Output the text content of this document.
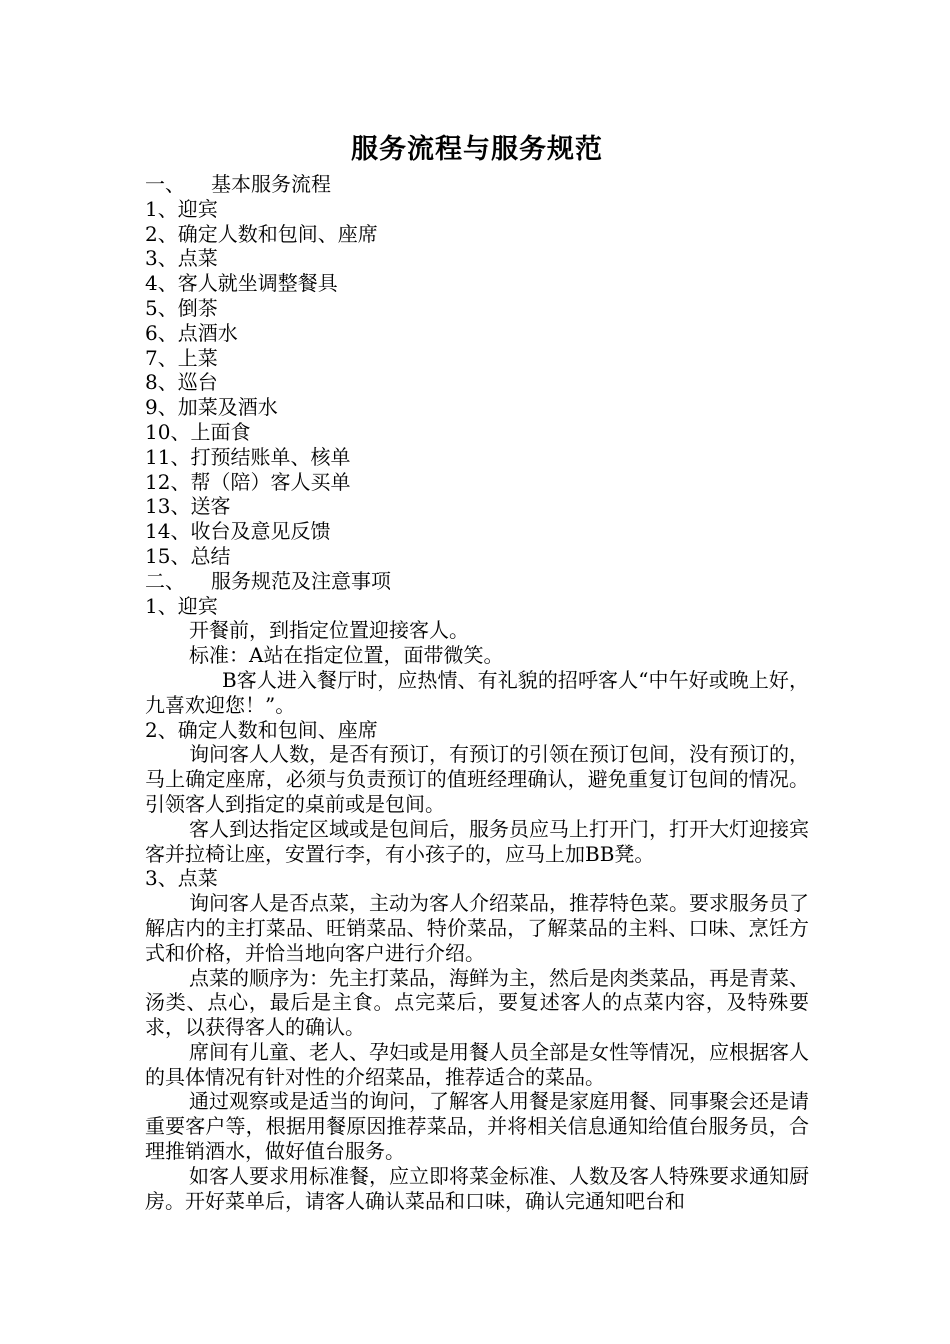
服务流程与服务规范
一、 基本服务流程

1、迎宾

2、确定人数和包间、座席

3、点菜

4、客人就坐调整餐具

5、倒茶

6、点酒水

7、上菜

8、巡台

9、加菜及酒水

10、上面食

11、打预结账单、核单

12、帮（陪）客人买单

13、送客

14、收台及意见反馈

15、总结

二、 服务规范及注意事项

1、迎宾

开餐前，到指定位置迎接客人。

标准：A站在指定位置，面带微笑。

B客人进入餐厅时，应热情、有礼貌的招呼客人“中午好或晚上好，九喜欢迎您！”。

2、确定人数和包间、座席

询问客人人数，是否有预订，有预订的引领在预订包间，没有预订的，马上确定座席，必须与负责预订的值班经理确认，避免重复订包间的情况。引领客人到指定的桌前或是包间。

客人到达指定区域或是包间后，服务员应马上打开门，打开大灯迎接宾客并拉椅让座，安置行李，有小孩子的，应马上加BB凳。

3、点菜

询问客人是否点菜，主动为客人介绍菜品，推荐特色菜。要求服务员了解店内的主打菜品、旺销菜品、特价菜品，了解菜品的主料、口味、烹饪方式和价格，并恰当地向客户进行介绍。

点菜的顺序为：先主打菜品，海鲜为主，然后是肉类菜品，再是青菜、汤类、点心，最后是主食。点完菜后，要复述客人的点菜内容，及特殊要求，以获得客人的确认。

席间有儿童、老人、孕妇或是用餐人员全部是女性等情况，应根据客人的具体情况有针对性的介绍菜品，推荐适合的菜品。

通过观察或是适当的询问，了解客人用餐是家庭用餐、同事聚会还是请重要客户等，根据用餐原因推荐菜品，并将相关信息通知给值台服务员，合理推销酒水，做好值台服务。

如客人要求用标准餐，应立即将菜金标准、人数及客人特殊要求通知厨房。开好菜单后，请客人确认菜品和口味，确认完通知吧台和
